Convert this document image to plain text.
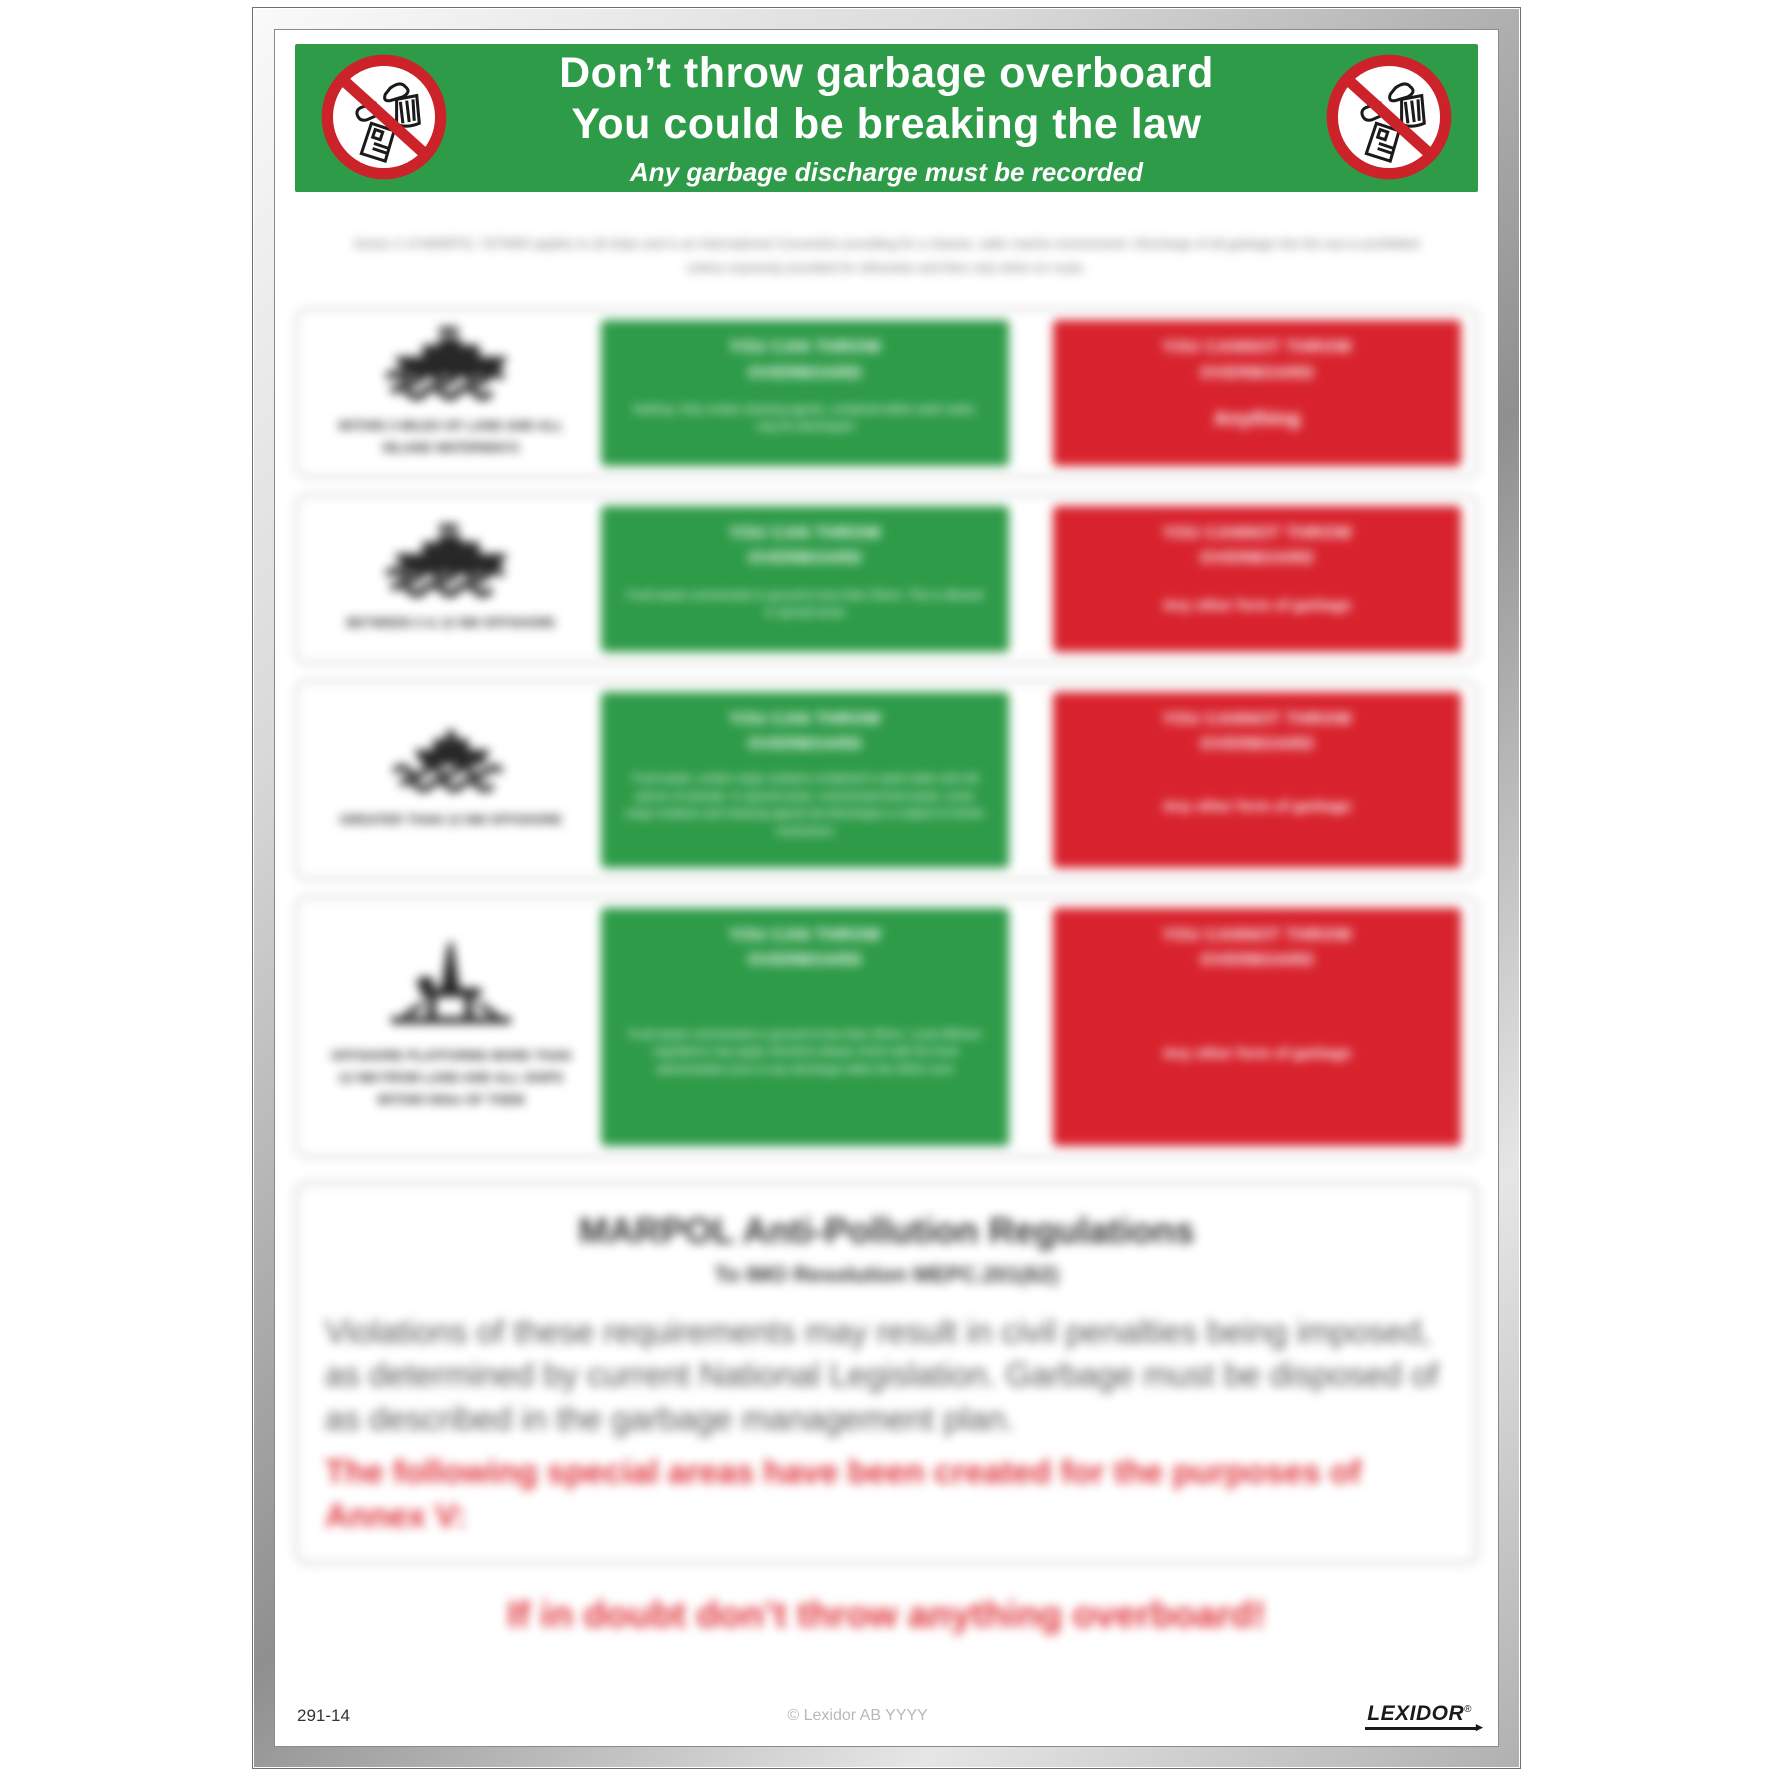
Don’t throw garbage overboard
You could be breaking the law
Any garbage discharge must be recorded
Annex V of MARPOL 73/78/95 applies to all ships and is an International Convention providing for a cleaner, safer marine environment. Discharge of all garbage into the sea is prohibited unless expressly provided for otherwise and then only when en route.
WITHIN 3 MILES OF LAND AND ALL INLAND WATERWAYS
YOU CAN THROW OVERBOARD
Nothing. Only certain cleaning agents, contained within wash water, may be discharged
YOU CANNOT THROW OVERBOARD
Anything
BETWEEN 3 & 12 NM OFFSHORE
YOU CAN THROW OVERBOARD
Food waste comminuted or ground to less than 25mm. This is allowed in special areas
YOU CANNOT THROW OVERBOARD
Any other form of garbage
GREATER THAN 12 NM OFFSHORE
YOU CAN THROW OVERBOARD
Food waste, certain cargo residues contained in wash water and old pieces of animals. In special areas: comminuted food waste, some cargo residues and cleaning agents but discharges is subject to further restrictions!
YOU CANNOT THROW OVERBOARD
Any other form of garbage
OFFSHORE PLATFORMS MORE THAN 12 NM FROM LAND AND ALL SHIPS WITHIN 500m OF THEM
YOU CAN THROW OVERBOARD
Food waste comminuted or ground to less than 25mm. Local offshore regulations may apply, therefore always check with the local administration prior to any discharge within the 500m zone
YOU CANNOT THROW OVERBOARD
Any other form of garbage
MARPOL Anti-Pollution Regulations
To IMO Resolution MEPC.201(62)
Violations of these requirements may result in civil penalties being imposed, as determined by current National Legislation. Garbage must be disposed of as described in the garbage management plan.
The following special areas have been created for the purposes of Annex V:
If in doubt don’t throw anything overboard!
291-14	© Lexidor AB YYYY	LEXIDOR®
▸
